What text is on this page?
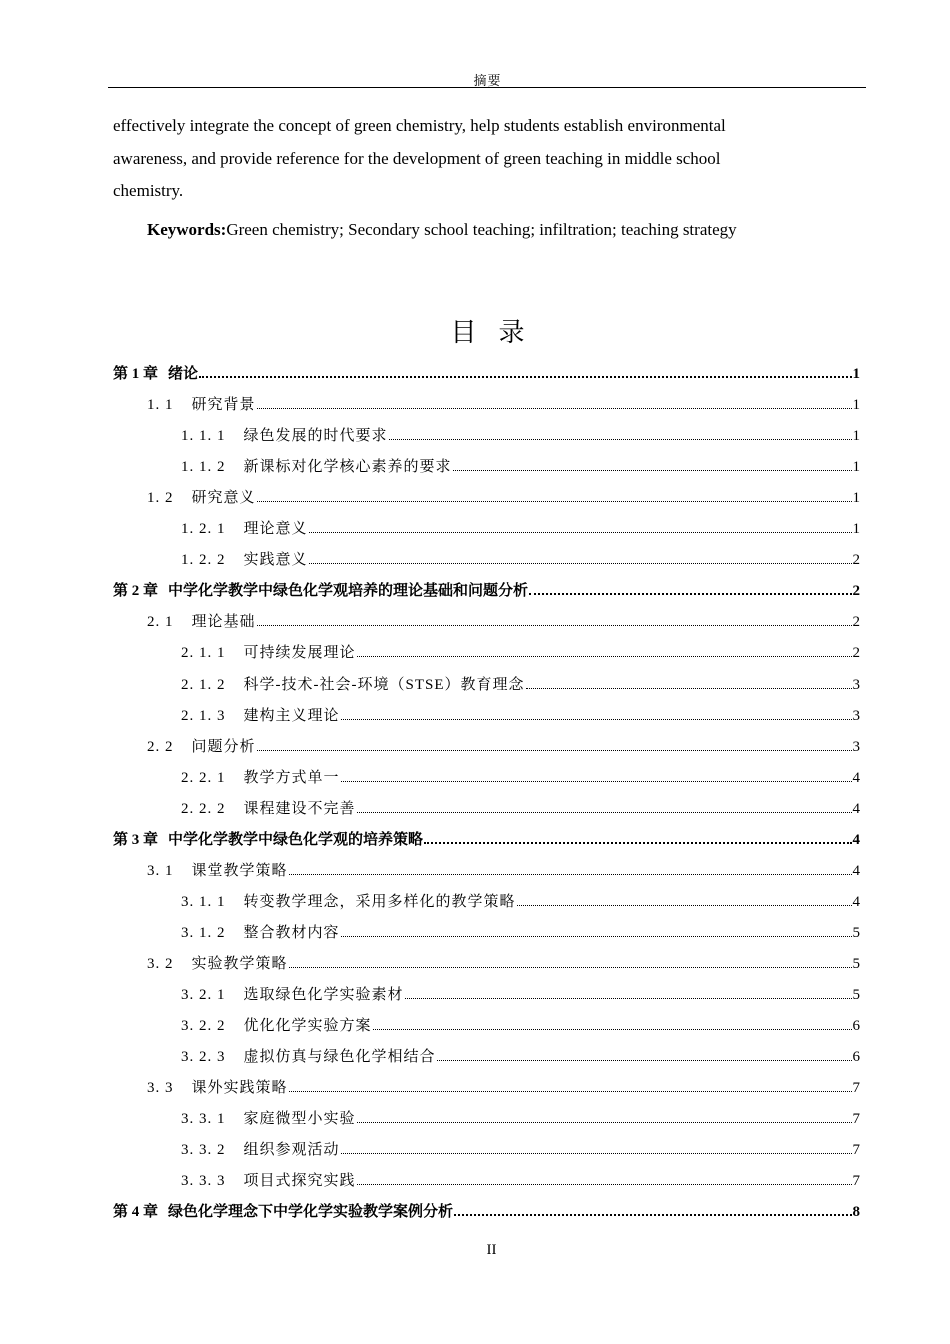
摘要
effectively integrate the concept of green chemistry, help students establish environmental
awareness, and provide reference for the development of green teaching in middle school
chemistry.
Keywords:Green chemistry; Secondary school teaching; infiltration; teaching strategy
目录
第 1 章 绪论	1
1. 1 研究背景	1
1. 1. 1 绿色发展的时代要求	1
1. 1. 2 新课标对化学核心素养的要求	1
1. 2 研究意义	1
1. 2. 1 理论意义	1
1. 2. 2 实践意义	2
第 2 章 中学化学教学中绿色化学观培养的理论基础和问题分析	2
2. 1 理论基础	2
2. 1. 1 可持续发展理论	2
2. 1. 2 科学-技术-社会-环境（STSE）教育理念	3
2. 1. 3 建构主义理论	3
2. 2 问题分析	3
2. 2. 1 教学方式单一	4
2. 2. 2 课程建设不完善	4
第 3 章 中学化学教学中绿色化学观的培养策略	4
3. 1 课堂教学策略	4
3. 1. 1 转变教学理念，采用多样化的教学策略	4
3. 1. 2 整合教材内容	5
3. 2 实验教学策略	5
3. 2. 1 选取绿色化学实验素材	5
3. 2. 2 优化化学实验方案	6
3. 2. 3 虚拟仿真与绿色化学相结合	6
3. 3 课外实践策略	7
3. 3. 1 家庭微型小实验	7
3. 3. 2 组织参观活动	7
3. 3. 3 项目式探究实践	7
第 4 章 绿色化学理念下中学化学实验教学案例分析	8
II
